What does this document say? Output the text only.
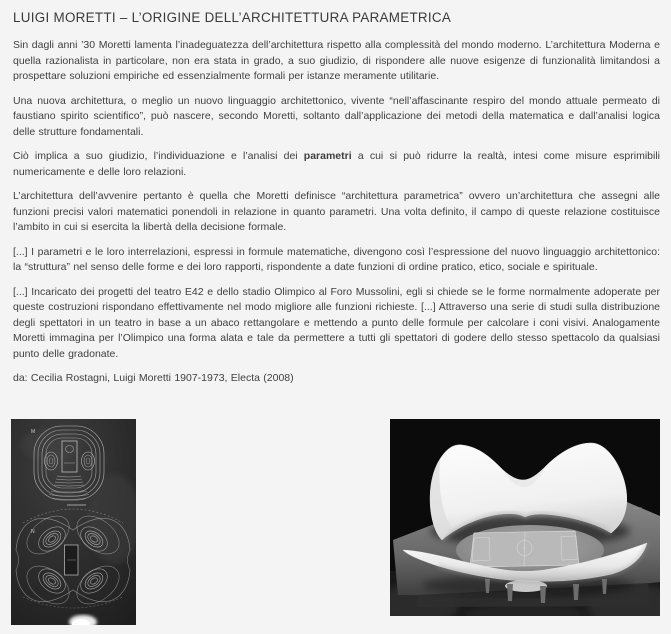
LUIGI MORETTI – L’ORIGINE DELL’ARCHITETTURA PARAMETRICA

Sin dagli anni ’30 Moretti lamenta l’inadeguatezza dell’architettura rispetto alla complessità del mondo moderno. L’architettura Moderna e quella razionalista in particolare, non era stata in grado, a suo giudizio, di rispondere alle nuove esigenze di funzionalità limitandosi a prospettare soluzioni empiriche ed essenzialmente formali per istanze meramente utilitarie.

Una nuova architettura, o meglio un nuovo linguaggio architettonico, vivente “nell’affascinante respiro del mondo attuale permeato di faustiano spirito scientifico”, può nascere, secondo Moretti, soltanto dall’applicazione dei metodi della matematica e dall’analisi logica delle strutture fondamentali.

Ciò implica a suo giudizio, l’individuazione e l’analisi dei parametri a cui si può ridurre la realtà, intesi come misure esprimibili numericamente e delle loro relazioni.

L’architettura dell’avvenire pertanto è quella che Moretti definisce “architettura parametrica” ovvero un’architettura che assegni alle funzioni precisi valori matematici ponendoli in relazione in quanto parametri. Una volta definito, il campo di queste relazione costituisce l’ambito in cui si esercita la libertà della decisione formale.

[...] I parametri e le loro interrelazioni, espressi in formule matematiche, divengono così l’espressione del nuovo linguaggio architettonico: la “struttura” nel senso delle forme e dei loro rapporti, rispondente a date funzioni di ordine pratico, etico, sociale e spirituale.

[...] Incaricato dei progetti del teatro E42 e dello stadio Olimpico al Foro Mussolini, egli si chiede se le forme normalmente adoperate per queste costruzioni rispondano effettivamente nel modo migliore alle funzioni richieste. [...] Attraverso una serie di studi sulla distribuzione degli spettatori in un teatro in base a un abaco rettangolare e mettendo a punto delle formule per calcolare i coni visivi. Analogamente Moretti immagina per l’Olimpico una forma alata e tale da permettere a tutti gli spettatori di godere dello stesso spettacolo da qualsiasi punto delle gradonate.

da: Cecilia Rostagni, Luigi Moretti 1907-1973, Electa (2008)

M
N
